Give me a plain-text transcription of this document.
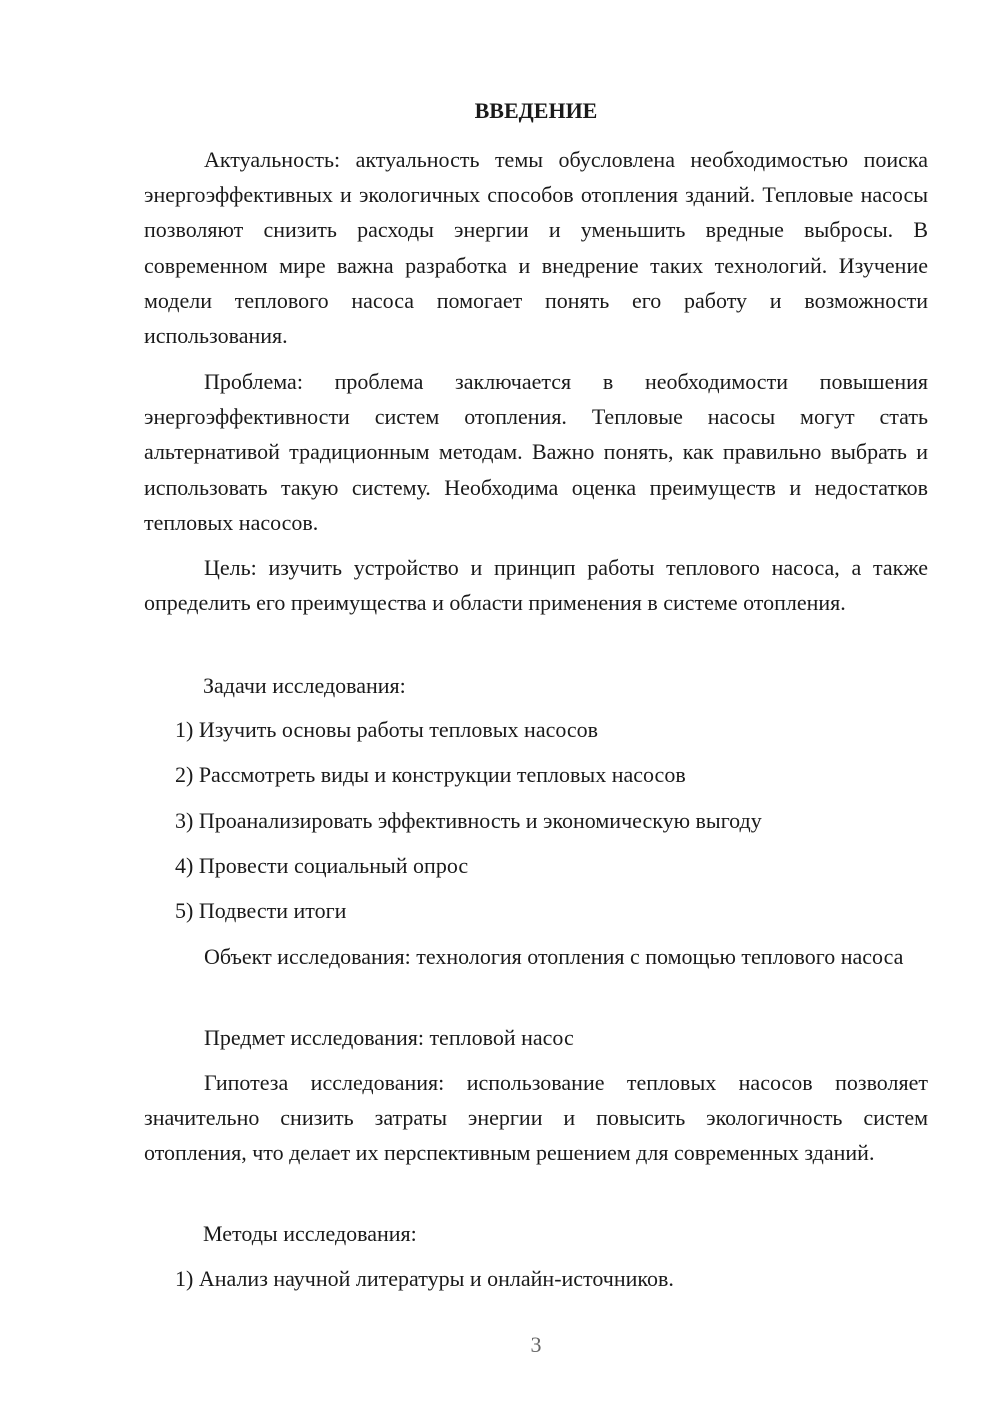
ВВЕДЕНИЕ

Актуальность: актуальность темы обусловлена необходимостью поиска энергоэффективных и экологичных способов отопления зданий. Тепловые насосы позволяют снизить расходы энергии и уменьшить вредные выбросы. В современном мире важна разработка и внедрение таких технологий. Изучение модели теплового насоса помогает понять его работу и возможности использования.

Проблема: проблема заключается в необходимости повышения энергоэффективности систем отопления. Тепловые насосы могут стать альтернативой традиционным методам. Важно понять, как правильно выбрать и использовать такую систему. Необходима оценка преимуществ и недостатков тепловых насосов.

Цель: изучить устройство и принцип работы теплового насоса, а также определить его преимущества и области применения в системе отопления.

Задачи исследования:

1) Изучить основы работы тепловых насосов

2) Рассмотреть виды и конструкции тепловых насосов

3) Проанализировать эффективность и экономическую выгоду

4) Провести социальный опрос

5) Подвести итоги

Объект исследования: технология отопления с помощью теплового насоса

Предмет исследования: тепловой насос

Гипотеза исследования: использование тепловых насосов позволяет значительно снизить затраты энергии и повысить экологичность систем отопления, что делает их перспективным решением для современных зданий.

Методы исследования:

1) Анализ научной литературы и онлайн-источников.

3
